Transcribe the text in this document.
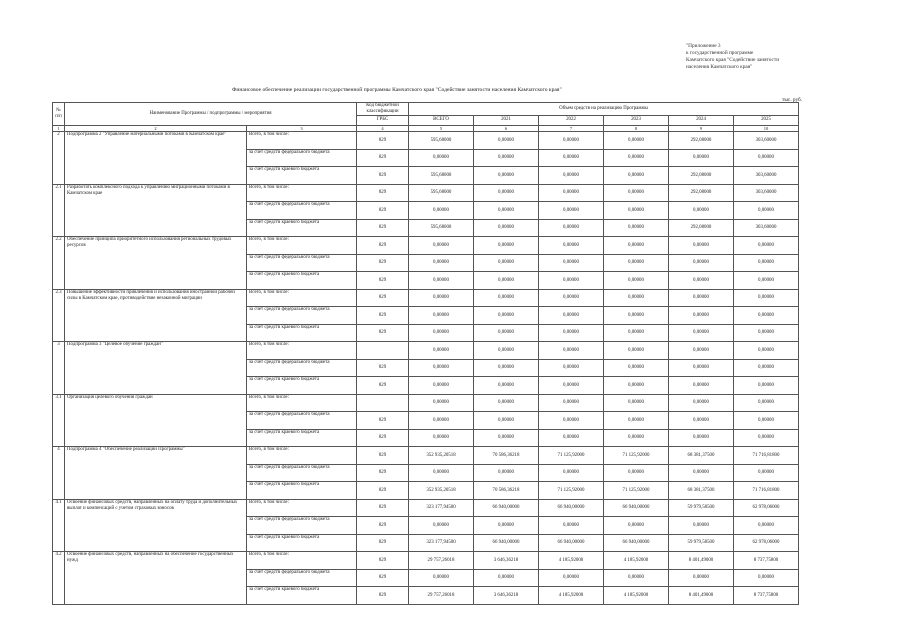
"Приложение 3
к государственной программе
Камчатского края "Содействие занятости
населения Камчатского края"
Финансовое обеспечение реализации государственной программы Камчатского края "Содействие занятости населения Камчатского края"
тыс. руб.
№ п/п	Наименование Программы / подпрограммы / мероприятия		Код бюджетной классификации	Объем средств на реализацию Программы					
			ГРБС	ВСЕГО	2021	2022	2023	2024	2025
1	2	3	4	5	6	7	8	9	10
2	Подпрограмма 2 "Управление материальными потоками в Камчатском крае"	Всего, в том числе:	829	595,68000	0,00000	0,00000	0,00000	292,08000	303,60000
		за счет средств федерального бюджета	829	0,00000	0,00000	0,00000	0,00000	0,00000	0,00000
		за счет средств краевого бюджета	829	595,68000	0,00000	0,00000	0,00000	292,08000	303,60000
2.1	Разработать комплексного подхода к управлению миграционными потоками в Камчатском крае	Всего, в том числе:	829	595,68000	0,00000	0,00000	0,00000	292,08000	303,60000
		за счет средств федерального бюджета	829	0,00000	0,00000	0,00000	0,00000	0,00000	0,00000
		за счет средств краевого бюджета	829	595,68000	0,00000	0,00000	0,00000	292,08000	303,60000
2.2	Обеспечение принципа приоритетного использования региональных трудовых ресурсов	Всего, в том числе:	829	0,00000	0,00000	0,00000	0,00000	0,00000	0,00000
		за счет средств федерального бюджета	829	0,00000	0,00000	0,00000	0,00000	0,00000	0,00000
		за счет средств краевого бюджета	829	0,00000	0,00000	0,00000	0,00000	0,00000	0,00000
2.3	Повышение эффективности привлечения и использования иностранной рабочей силы в Камчатском крае, противодействие незаконной миграции	Всего, в том числе:	829	0,00000	0,00000	0,00000	0,00000	0,00000	0,00000
		за счет средств федерального бюджета	829	0,00000	0,00000	0,00000	0,00000	0,00000	0,00000
		за счет средств краевого бюджета	829	0,00000	0,00000	0,00000	0,00000	0,00000	0,00000
3	Подпрограмма 3 "Целевое обучение граждан"	Всего, в том числе:		0,00000	0,00000	0,00000	0,00000	0,00000	0,00000
		за счет средств федерального бюджета	829	0,00000	0,00000	0,00000	0,00000	0,00000	0,00000
		за счет средств краевого бюджета	829	0,00000	0,00000	0,00000	0,00000	0,00000	0,00000
3.1	Организация целевого обучения граждан	Всего, в том числе:		0,00000	0,00000	0,00000	0,00000	0,00000	0,00000
		за счет средств федерального бюджета	829	0,00000	0,00000	0,00000	0,00000	0,00000	0,00000
		за счет средств краевого бюджета	829	0,00000	0,00000	0,00000	0,00000	0,00000	0,00000
4	Подпрограмма 4 "Обеспечение реализации Программы"	Всего, в том числе:	829	352 935,20518	70 586,36218	71 125,92000	71 125,92000	68 381,37500	71 716,81800
		за счет средств федерального бюджета	829	0,00000	0,00000	0,00000	0,00000	0,00000	0,00000
		за счет средств краевого бюджета	829	352 935,20518	70 586,36218	71 125,92000	71 125,92000	68 381,37500	71 716,81800
4.1	Освоение финансовых средств, направленных на оплату труда и дополнительных выплат и компенсаций с учетом страховых взносов	Всего, в том числе:	829	323 177,94500	66 940,00000	66 940,00000	66 940,00000	59 979,58500	62 978,06000
		за счет средств федерального бюджета	829	0,00000	0,00000	0,00000	0,00000	0,00000	0,00000
		за счет средств краевого бюджета	829	323 177,94500	66 940,00000	66 940,00000	66 940,00000	59 979,58500	62 978,06000
4.2	Освоение финансовых средств, направленных на обеспечение государственных нужд	Всего, в том числе:	829	29 757,26018	3 646,36218	4 185,92000	4 185,92000	8 401,49000	8 737,75800
		за счет средств федерального бюджета	829	0,00000	0,00000	0,00000	0,00000	0,00000	0,00000
		за счет средств краевого бюджета	829	29 757,26018	3 646,36218	4 185,92000	4 185,92000	8 401,49000	8 737,75800
